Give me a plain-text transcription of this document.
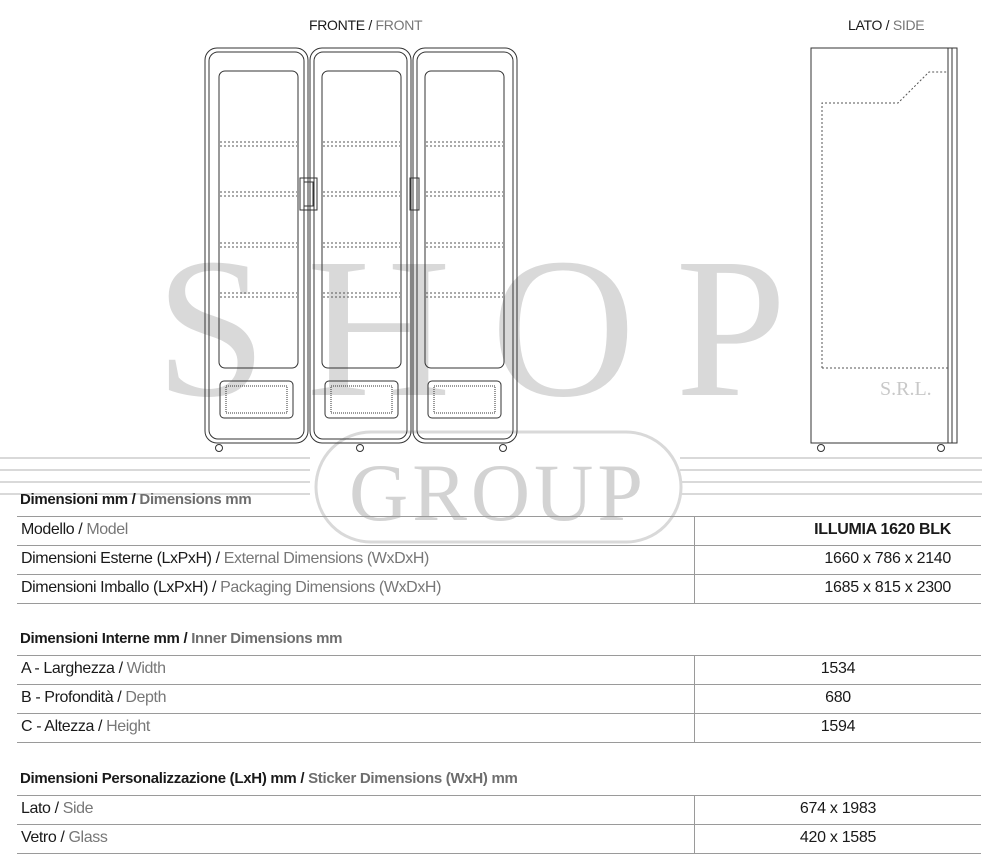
SHOP	S.R.L.
GROUP
FRONTE / FRONT	LATO / SIDE
Dimensioni mm / Dimensions mm
Modello / Model	ILLUMIA 1620 BLK
Dimensioni Esterne (LxPxH) / External Dimensions (WxDxH)	1660 x 786 x 2140
Dimensioni Imballo (LxPxH) / Packaging Dimensions (WxDxH)	1685 x 815 x 2300
Dimensioni Interne mm / Inner Dimensions mm
A - Larghezza / Width	1534
B - Profondità / Depth	680
C - Altezza / Height	1594
Dimensioni Personalizzazione (LxH) mm / Sticker Dimensions (WxH) mm
Lato / Side	674 x 1983
Vetro / Glass	420 x 1585
